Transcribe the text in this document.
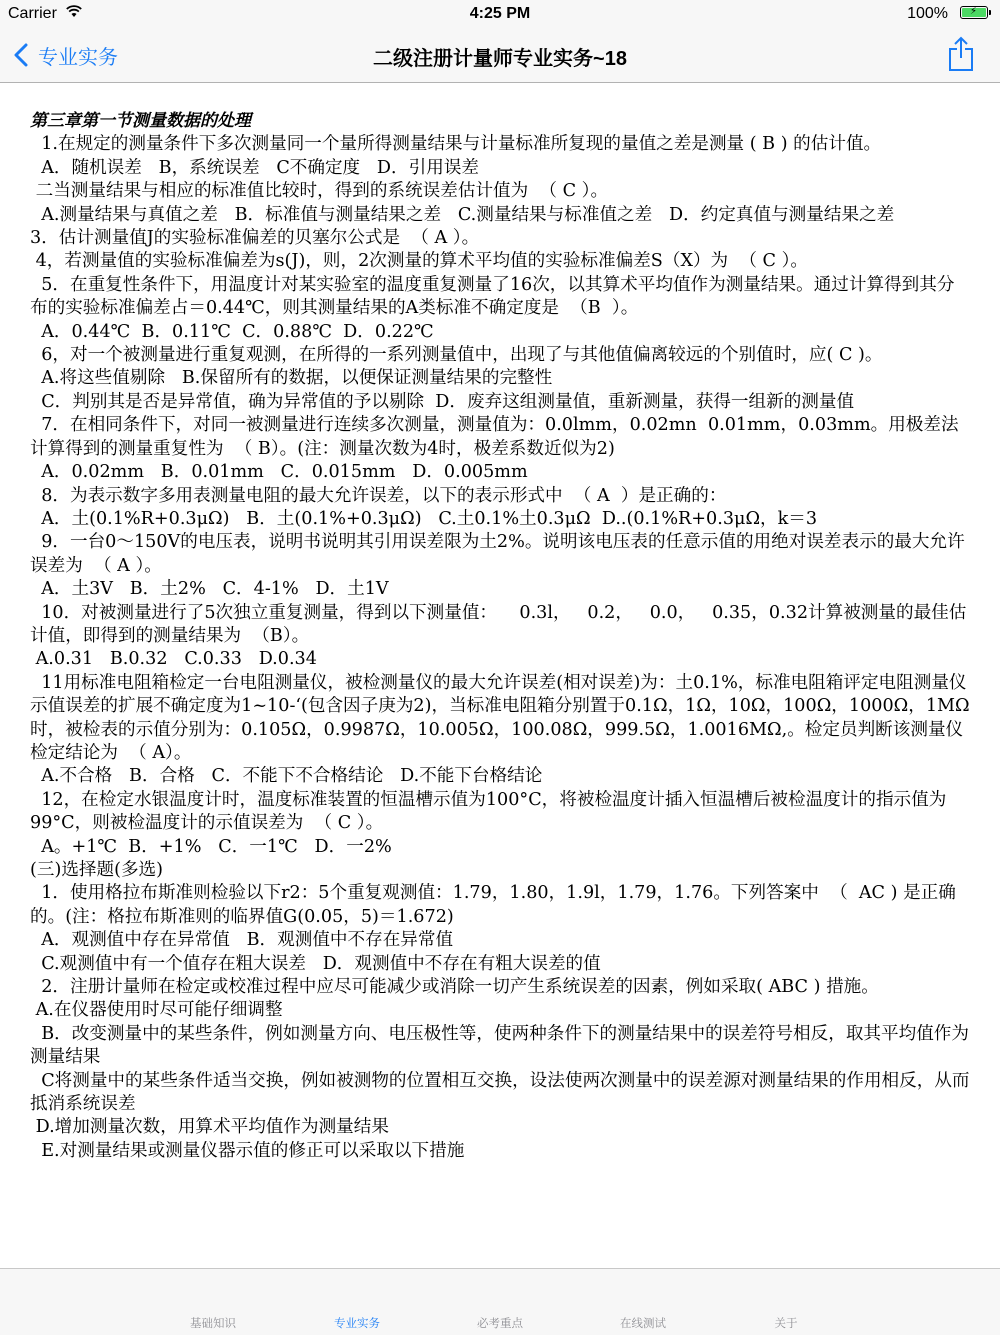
Carrier	4:25 PM	100% ⚡
专业实务	二级注册计量师专业实务~18

第三章第一节测量数据的处理

1.在规定的测量条件下多次测量同一个量所得测量结果与计量标准所复现的量值之差是测量 ( B ) 的估计值。

A．随机误差   B，系统误差   C不确定度   D．引用误差

二当测量结果与相应的标准值比较时，得到的系统误差估计值为  （ C ）。

A.测量结果与真值之差   B．标准值与测量结果之差   C.测量结果与标准值之差   D．约定真值与测量结果之差

3．估计测量值J的实验标准偏差的贝塞尔公式是  （ A ）。

4，若测量值的实验标准偏差为s(J)，则，2次测量的算术平均值的实验标准偏差S（X）为  （ C ）。

5．在重复性条件下，用温度计对某实验室的温度重复测量了16次，以其算术平均值作为测量结果。通过计算得到其分布的实验标准偏差占＝0.44℃，则其测量结果的A类标准不确定度是  （B  ）。

A．0.44℃  B．0.11℃  C．0.88℃  D．0.22℃

6，对一个被测量进行重复观测，在所得的一系列测量值中，出现了与其他值偏离较远的个别值时，应( C )。

A.将这些值剔除   B.保留所有的数据，以便保证测量结果的完整性

C．判别其是否是异常值，确为异常值的予以剔除  D．废弃这组测量值，重新测量，获得一组新的测量值

7．在相同条件下，对同一被测量进行连续多次测量，测量值为：0.0lmm，0.02mn  0.01mm，0.03mm。用极差法计算得到的测量重复性为  （ B）。(注：测量次数为4时，极差系数近似为2)

A．0.02mm   B．0.01mm   C．0.015mm   D．0.005mm

8．为表示数字多用表测量电阻的最大允许误差，以下的表示形式中  （ A  ）是正确的：

A．土(0.1%R+0.3μΩ)   B．土(0.1%+0.3μΩ)   C.土0.1%土0.3μΩ  D..(0.1%R+0.3μΩ，k＝3

9．一台0～150V的电压表，说明书说明其引用误差限为土2%。说明该电压表的任意示值的用绝对误差表示的最大允许误差为  （ A ）。

A．土3V   B．土2%   C．4-1%   D．土1V

10．对被测量进行了5次独立重复测量，得到以下测量值：    0.3l，   0.2，   0.0，   0.35，0.32计算被测量的最佳估计值，即得到的测量结果为  （B）。

A.0.31   B.0.32   C.0.33   D.0.34

11用标准电阻箱检定一台电阻测量仪，被检测量仪的最大允许误差(相对误差)为：土0.1%，标准电阻箱评定电阻测量仪示值误差的扩展不确定度为1~10-‘(包含因子庚为2)，当标准电阻箱分别置于0.1Ω，1Ω，10Ω，100Ω，1000Ω，1MΩ时，被检表的示值分别为：0.105Ω，0.9987Ω，10.005Ω，100.08Ω，999.5Ω，1.0016MΩ,。检定员判断该测量仪检定结论为  （ A）。

A.不合格   B．合格   C．不能下不合格结论   D.不能下台格结论

12，在检定水银温度计时，温度标准装置的恒温槽示值为100°C，将被检温度计插入恒温槽后被检温度计的指示值为99°C，则被检温度计的示值误差为  （ C ）。

A。+1℃  B．+1%   C．一1℃   D．一2%

(三)选择题(多选)

1．使用格拉布斯准则检验以下r2：5个重复观测值：1.79，1.80，1.9l，1.79，1.76。下列答案中  （  AC ) 是正确的。(注：格拉布斯准则的临界值G(0.05，5)＝1.672)

A．观测值中存在异常值   B．观测值中不存在异常值

C.观测值中有一个值存在粗大误差   D．观测值中不存在有粗大误差的值

2．注册计量师在检定或校准过程中应尽可能减少或消除一切产生系统误差的因素，例如采取( ABC ) 措施。

A.在仪器使用时尽可能仔细调整

B．改变测量中的某些条件，例如测量方向、电压极性等，使两种条件下的测量结果中的误差符号相反，取其平均值作为测量结果

C将测量中的某些条件适当交换，例如被测物的位置相互交换，设法使两次测量中的误差源对测量结果的作用相反，从而抵消系统误差

D.增加测量次数，用算术平均值作为测量结果

E.对测量结果或测量仪器示值的修正可以采取以下措施

基础知识	专业实务	必考重点	在线测试	关于
